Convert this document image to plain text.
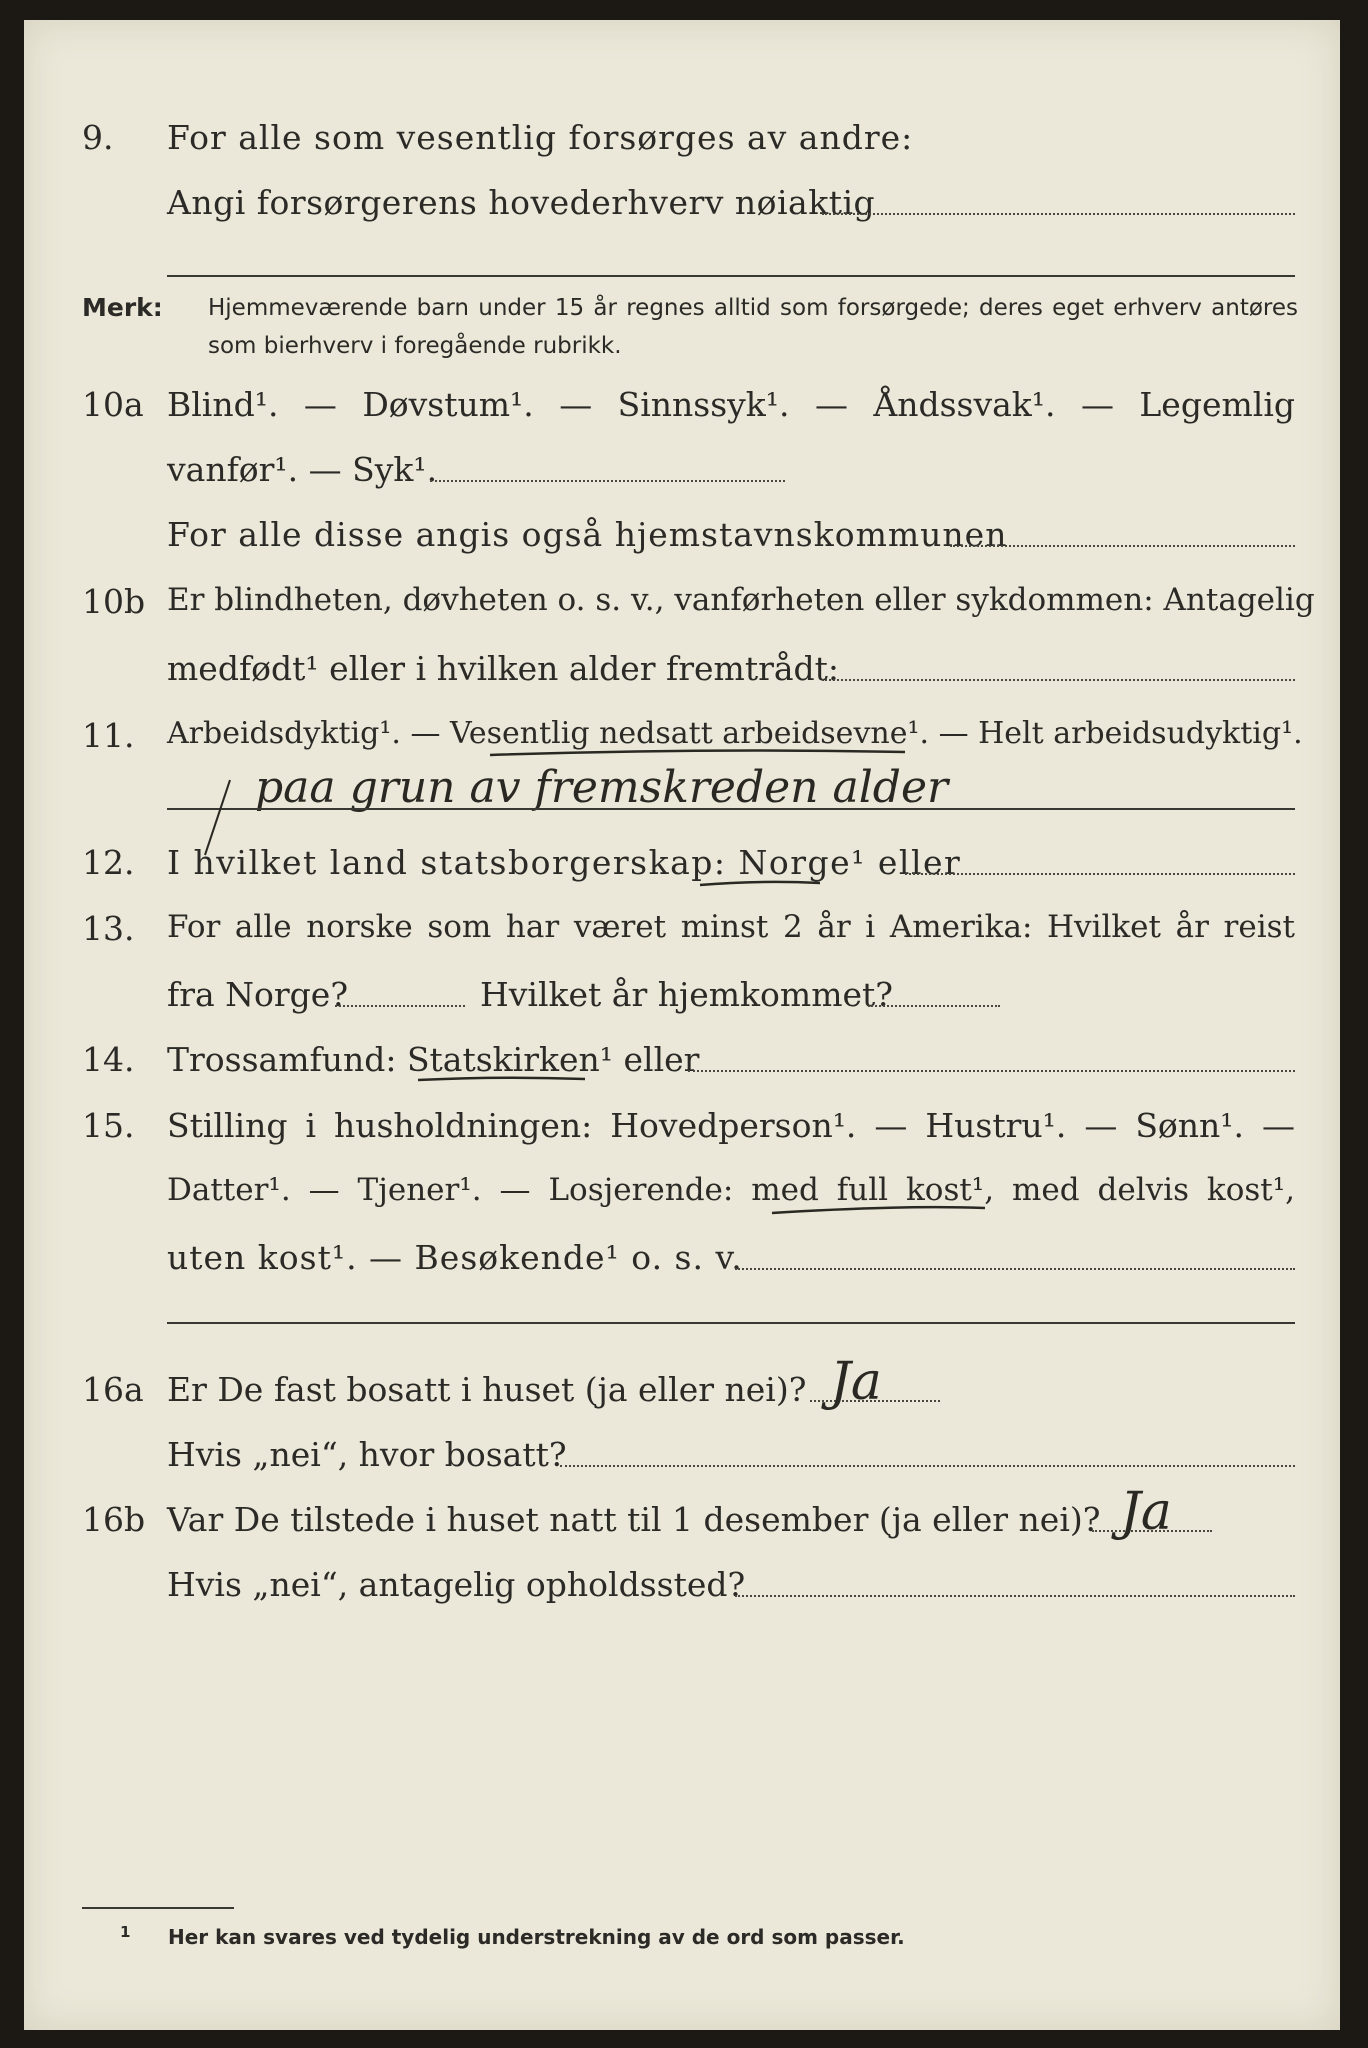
9. For alle som vesentlig forsørges av andre:
Angi forsørgerens hovederhverv nøiaktig
Merk: Hjemmeværende barn under 15 år regnes alltid som forsørgede; deres eget erhverv antøres som bierhverv i foregående rubrikk.
10a Blind¹. — Døvstum¹. — Sinnssyk¹. — Åndssvak¹. — Legemlig
vanfør¹. — Syk¹.
For alle disse angis også hjemstavnskommunen
10b Er blindheten, døvheten o. s. v., vanførheten eller sykdommen: Antagelig
medfødt¹ eller i hvilken alder fremtrådt:
11. Arbeidsdyktig¹. — Vesentlig nedsatt arbeidsevne¹. — Helt arbeidsudyktig¹.
paa grun av fremskreden alder
12. I hvilket land statsborgerskap: Norge¹ eller
13. For alle norske som har været minst 2 år i Amerika: Hvilket år reist
fra Norge?	Hvilket år hjemkommet?
14. Trossamfund: Statskirken¹ eller
15. Stilling i husholdningen: Hovedperson¹. — Hustru¹. — Sønn¹. —
Datter¹. — Tjener¹. — Losjerende: med full kost¹, med delvis kost¹,
uten kost¹. — Besøkende¹ o. s. v.
16a Er De fast bosatt i huset (ja eller nei)? Ja
Hvis „nei“, hvor bosatt?
16b Var De tilstede i huset natt til 1 desember (ja eller nei)? Ja
Hvis „nei“, antagelig opholdssted?
1 Her kan svares ved tydelig understrekning av de ord som passer.
